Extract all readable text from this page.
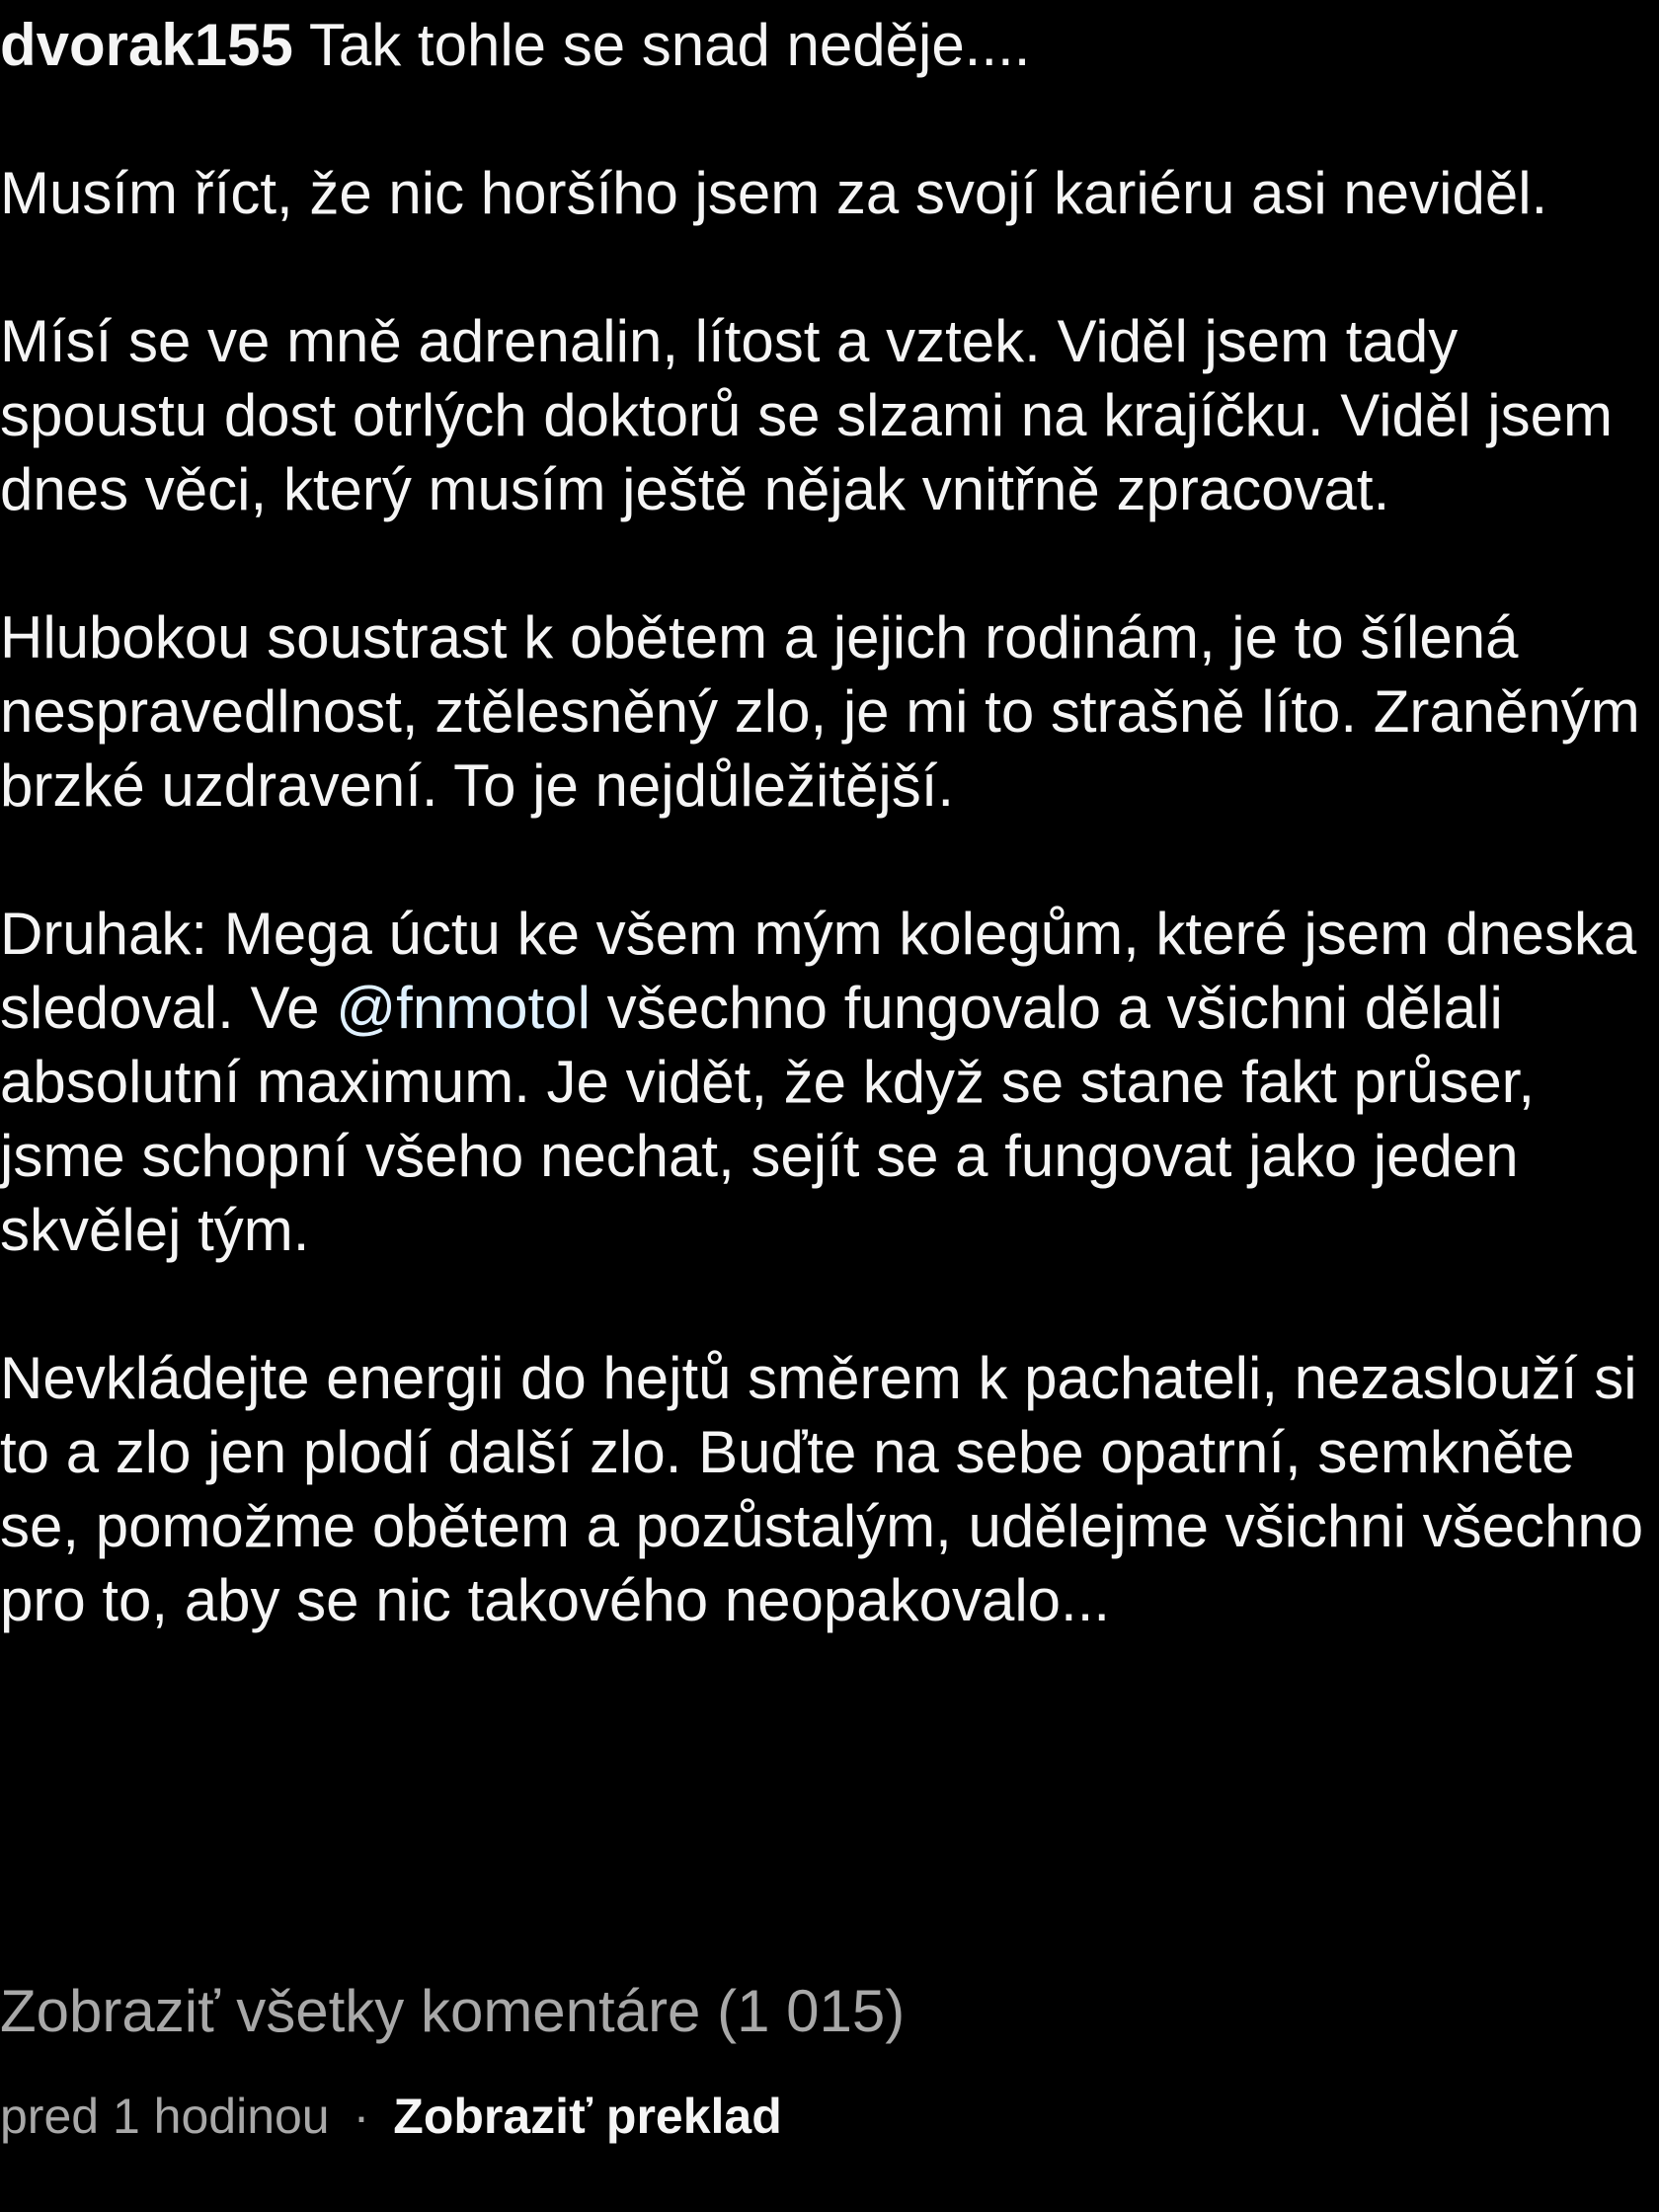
dvorak155 Tak tohle se snad neděje....

Musím říct, že nic horšího jsem za svojí kariéru asi neviděl.

Mísí se ve mně adrenalin, lítost a vztek. Viděl jsem tady spoustu dost otrlých doktorů se slzami na krajíčku. Viděl jsem dnes věci, který musím ještě nějak vnitřně zpracovat.

Hlubokou soustrast k obětem a jejich rodinám, je to šílená nespravedlnost, ztělesněný zlo, je mi to strašně líto. Zraněným brzké uzdravení. To je nejdůležitější.

Druhak: Mega úctu ke všem mým kolegům, které jsem dneska sledoval. Ve @fnmotol všechno fungovalo a všichni dělali absolutní maximum. Je vidět, že když se stane fakt průser, jsme schopní všeho nechat, sejít se a fungovat jako jeden skvělej tým.

Nevkládejte energii do hejtů směrem k pachateli, nezaslouží si to a zlo jen plodí další zlo. Buďte na sebe opatrní, semkněte se, pomožme obětem a pozůstalým, udělejme všichni všechno pro to, aby se nic takového neopakovalo...

Zobraziť všetky komentáre (1 015)
pred 1 hodinou · Zobraziť preklad
